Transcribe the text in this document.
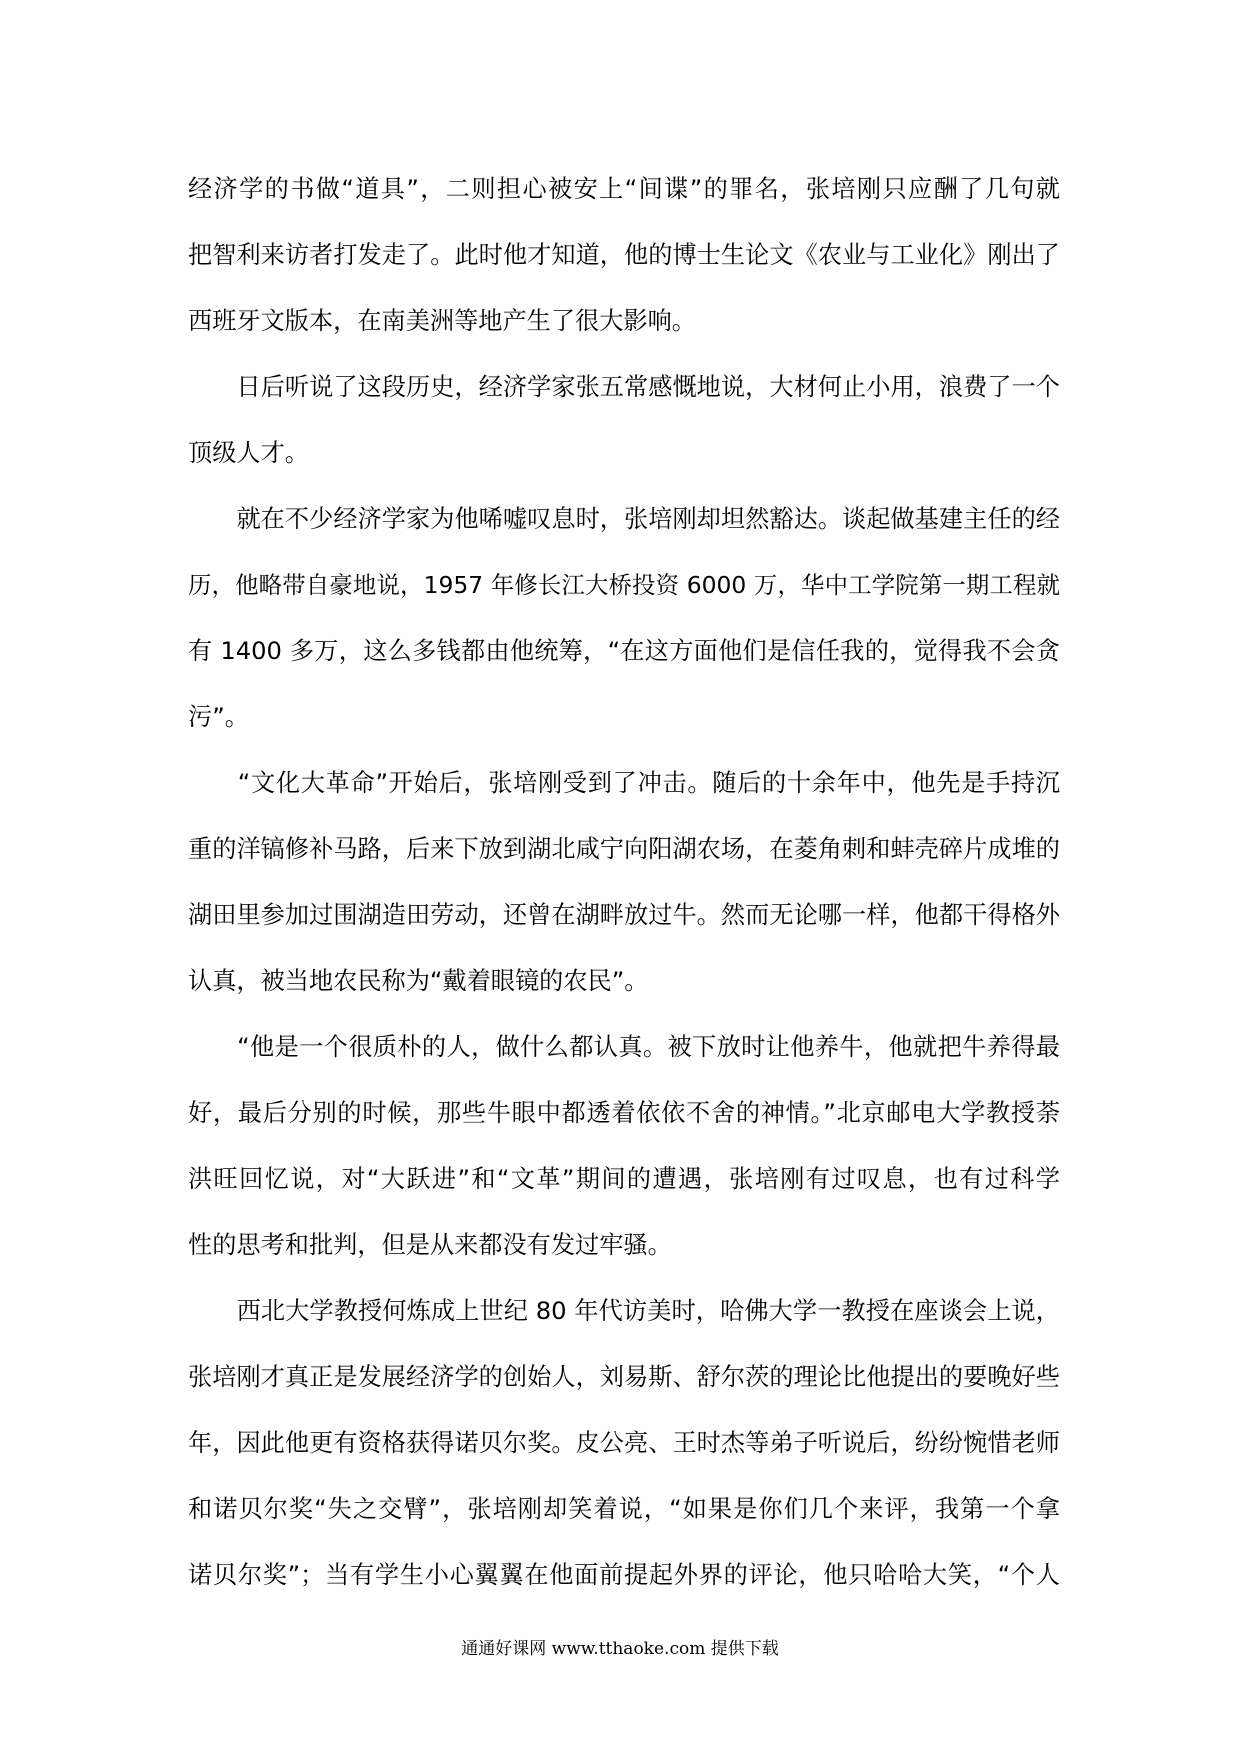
经济学的书做“道具”，二则担心被安上“间谍”的罪名，张培刚只应酬了几句就
把智利来访者打发走了。此时他才知道，他的博士生论文《农业与工业化》刚出了
西班牙文版本，在南美洲等地产生了很大影响。
　　日后听说了这段历史，经济学家张五常感慨地说，大材何止小用，浪费了一个
顶级人才。
　　就在不少经济学家为他唏嘘叹息时，张培刚却坦然豁达。谈起做基建主任的经
历，他略带自豪地说，1957 年修长江大桥投资 6000 万，华中工学院第一期工程就
有 1400 多万，这么多钱都由他统筹，“在这方面他们是信任我的，觉得我不会贪
污”。
　　“文化大革命”开始后，张培刚受到了冲击。随后的十余年中，他先是手持沉
重的洋镐修补马路，后来下放到湖北咸宁向阳湖农场，在菱角刺和蚌壳碎片成堆的
湖田里参加过围湖造田劳动，还曾在湖畔放过牛。然而无论哪一样，他都干得格外
认真，被当地农民称为“戴着眼镜的农民”。
　　“他是一个很质朴的人，做什么都认真。被下放时让他养牛，他就把牛养得最
好，最后分别的时候，那些牛眼中都透着依依不舍的神情。”北京邮电大学教授荼
洪旺回忆说，对“大跃进”和“文革”期间的遭遇，张培刚有过叹息，也有过科学
性的思考和批判，但是从来都没有发过牢骚。
　　西北大学教授何炼成上世纪 80 年代访美时，哈佛大学一教授在座谈会上说，
张培刚才真正是发展经济学的创始人，刘易斯、舒尔茨的理论比他提出的要晚好些
年，因此他更有资格获得诺贝尔奖。皮公亮、王时杰等弟子听说后，纷纷惋惜老师
和诺贝尔奖“失之交臂”，张培刚却笑着说，“如果是你们几个来评，我第一个拿
诺贝尔奖”；当有学生小心翼翼在他面前提起外界的评论，他只哈哈大笑，“个人
通通好课网 www.tthaoke.com 提供下载
